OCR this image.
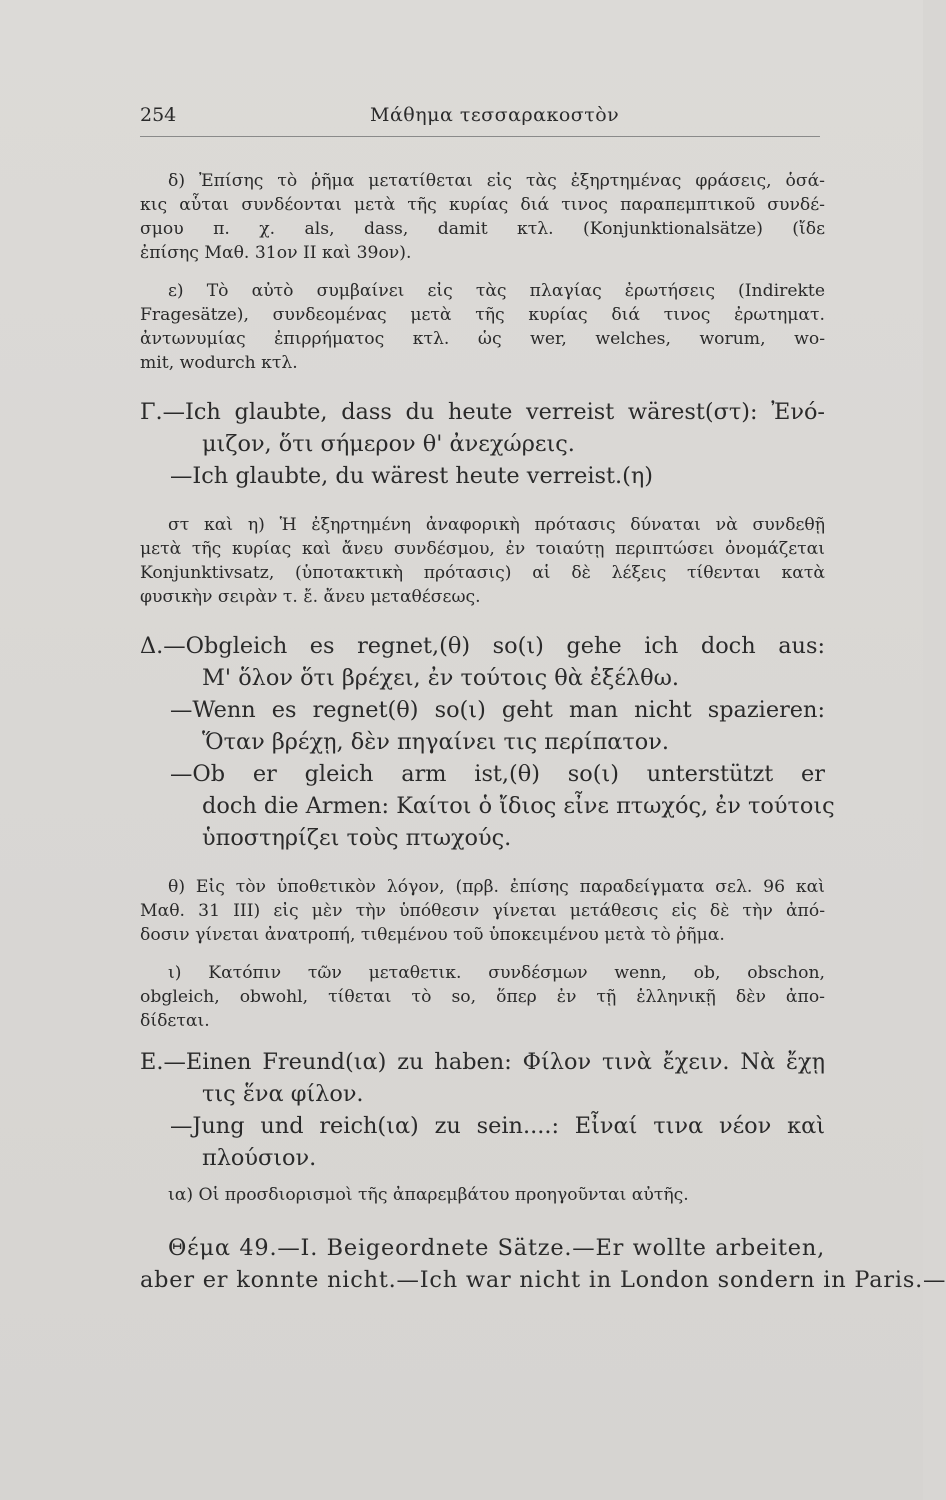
254	Μάθημα τεσσαρακοστὸν
δ) Ἐπίσης τὸ ῥῆμα μετατίθεται εἰς τὰς ἐξηρτημένας φράσεις, ὁσά-
κις αὗται συνδέονται μετὰ τῆς κυρίας διά τινος παραπεμπτικοῦ συνδέ-
σμου π. χ. als, dass, damit κτλ. (Konjunktionalsätze) (ἴδε
ἐπίσης Μαθ. 31ον ΙΙ καὶ 39ον).
ε) Τὸ αὐτὸ συμβαίνει εἰς τὰς πλαγίας ἐρωτήσεις (Indirekte
Fragesätze), συνδεομένας μετὰ τῆς κυρίας διά τινος ἐρωτηματ.
ἀντωνυμίας ἐπιρρήματος κτλ. ὡς wer, welches, worum, wo-
mit, wodurch κτλ.
Γ.—Ich glaubte, dass du heute verreist wärest(στ): Ἐνό-
μιζον, ὅτι σήμερον θ' ἀνεχώρεις.
—Ich glaubte, du wärest heute verreist.(η)
στ καὶ η) Ἡ ἐξηρτημένη ἀναφορικὴ πρότασις δύναται νὰ συνδεθῇ
μετὰ τῆς κυρίας καὶ ἄνευ συνδέσμου, ἐν τοιαύτῃ περιπτώσει ὀνομάζεται
Konjunktivsatz, (ὑποτακτικὴ πρότασις) αἱ δὲ λέξεις τίθενται κατὰ
φυσικὴν σειρὰν τ. ἔ. ἄνευ μεταθέσεως.
Δ.—Obgleich es regnet,(θ) so(ι) gehe ich doch aus:
Μ' ὅλον ὅτι βρέχει, ἐν τούτοις θὰ ἐξέλθω.
—Wenn es regnet(θ) so(ι) geht man nicht spazieren:
Ὅταν βρέχῃ, δὲν πηγαίνει τις περίπατον.
—Ob er gleich arm ist,(θ) so(ι) unterstützt er
doch die Armen: Καίτοι ὁ ἴδιος εἶνε πτωχός, ἐν τούτοις
ὑποστηρίζει τοὺς πτωχούς.
θ) Εἰς τὸν ὑποθετικὸν λόγον, (πρβ. ἐπίσης παραδείγματα σελ. 96 καὶ
Μαθ. 31 ΙΙΙ) εἰς μὲν τὴν ὑπόθεσιν γίνεται μετάθεσις εἰς δὲ τὴν ἀπό-
δοσιν γίνεται ἀνατροπή, τιθεμένου τοῦ ὑποκειμένου μετὰ τὸ ῥῆμα.
ι) Κατόπιν τῶν μεταθετικ. συνδέσμων wenn, ob, obschon,
obgleich, obwohl, τίθεται τὸ so, ὅπερ ἐν τῇ ἑλληνικῇ δὲν ἀπο-
δίδεται.
Ε.—Einen Freund(ια) zu haben: Φίλον τινὰ ἔχειν. Νὰ ἔχῃ
τις ἕνα φίλον.
—Jung und reich(ια) zu sein....: Εἶναί τινα νέον καὶ
πλούσιον.
ια) Οἱ προσδιορισμοὶ τῆς ἀπαρεμβάτου προηγοῦνται αὐτῆς.
Θέμα 49.—Ι. Beigeordnete Sätze.—Er wollte arbeiten,
aber er konnte nicht.—Ich war nicht in London sondern in Paris.—
